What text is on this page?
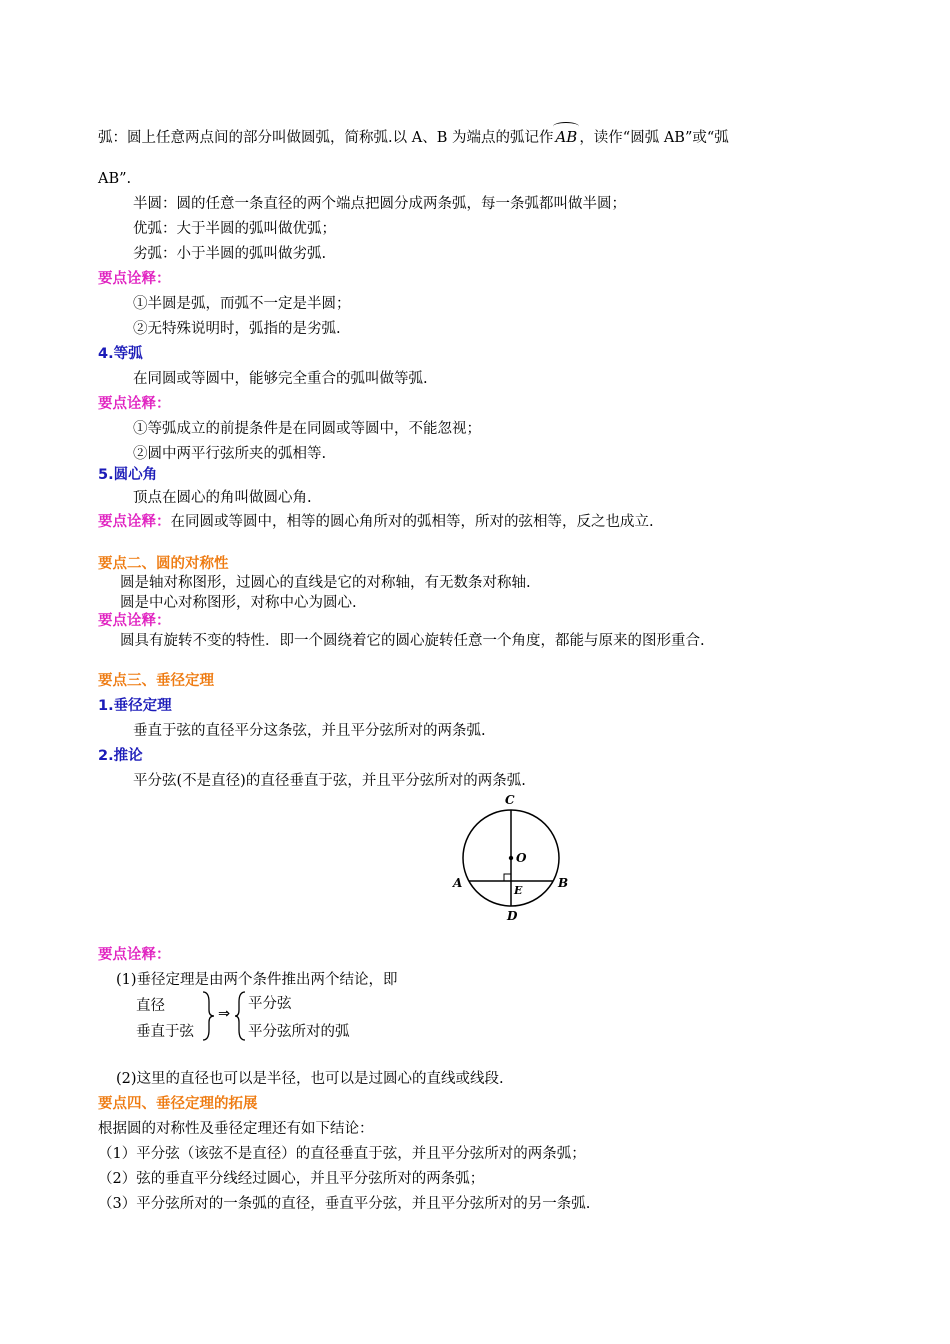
弧：圆上任意两点间的部分叫做圆弧，简称弧.以 A、B 为端点的弧记作 AB ，读作“圆弧 AB”或“弧
AB”.
半圆：圆的任意一条直径的两个端点把圆分成两条弧，每一条弧都叫做半圆；
优弧：大于半圆的弧叫做优弧；
劣弧：小于半圆的弧叫做劣弧.
要点诠释：
①半圆是弧，而弧不一定是半圆；
②无特殊说明时，弧指的是劣弧.
4.等弧
在同圆或等圆中，能够完全重合的弧叫做等弧.
要点诠释：
①等弧成立的前提条件是在同圆或等圆中，不能忽视；
②圆中两平行弦所夹的弧相等.
5.圆心角
顶点在圆心的角叫做圆心角.
要点诠释：在同圆或等圆中，相等的圆心角所对的弧相等，所对的弦相等，反之也成立.
要点二、圆的对称性
圆是轴对称图形，过圆心的直线是它的对称轴，有无数条对称轴.
圆是中心对称图形，对称中心为圆心.
要点诠释：
圆具有旋转不变的特性．即一个圆绕着它的圆心旋转任意一个角度，都能与原来的图形重合.
要点三、垂径定理
1.垂径定理
垂直于弦的直径平分这条弦，并且平分弦所对的两条弧.
2.推论
平分弦(不是直径)的直径垂直于弦，并且平分弦所对的两条弧.
C
O
A	B
E
D
要点诠释：
(1)垂径定理是由两个条件推出两个结论，即
直径
垂直于弦
⇒
平分弦
平分弦所对的弧
(2)这里的直径也可以是半径，也可以是过圆心的直线或线段.
要点四、垂径定理的拓展
根据圆的对称性及垂径定理还有如下结论：
（1）平分弦（该弦不是直径）的直径垂直于弦，并且平分弦所对的两条弧；
（2）弦的垂直平分线经过圆心，并且平分弦所对的两条弧；
（3）平分弦所对的一条弧的直径，垂直平分弦，并且平分弦所对的另一条弧.
